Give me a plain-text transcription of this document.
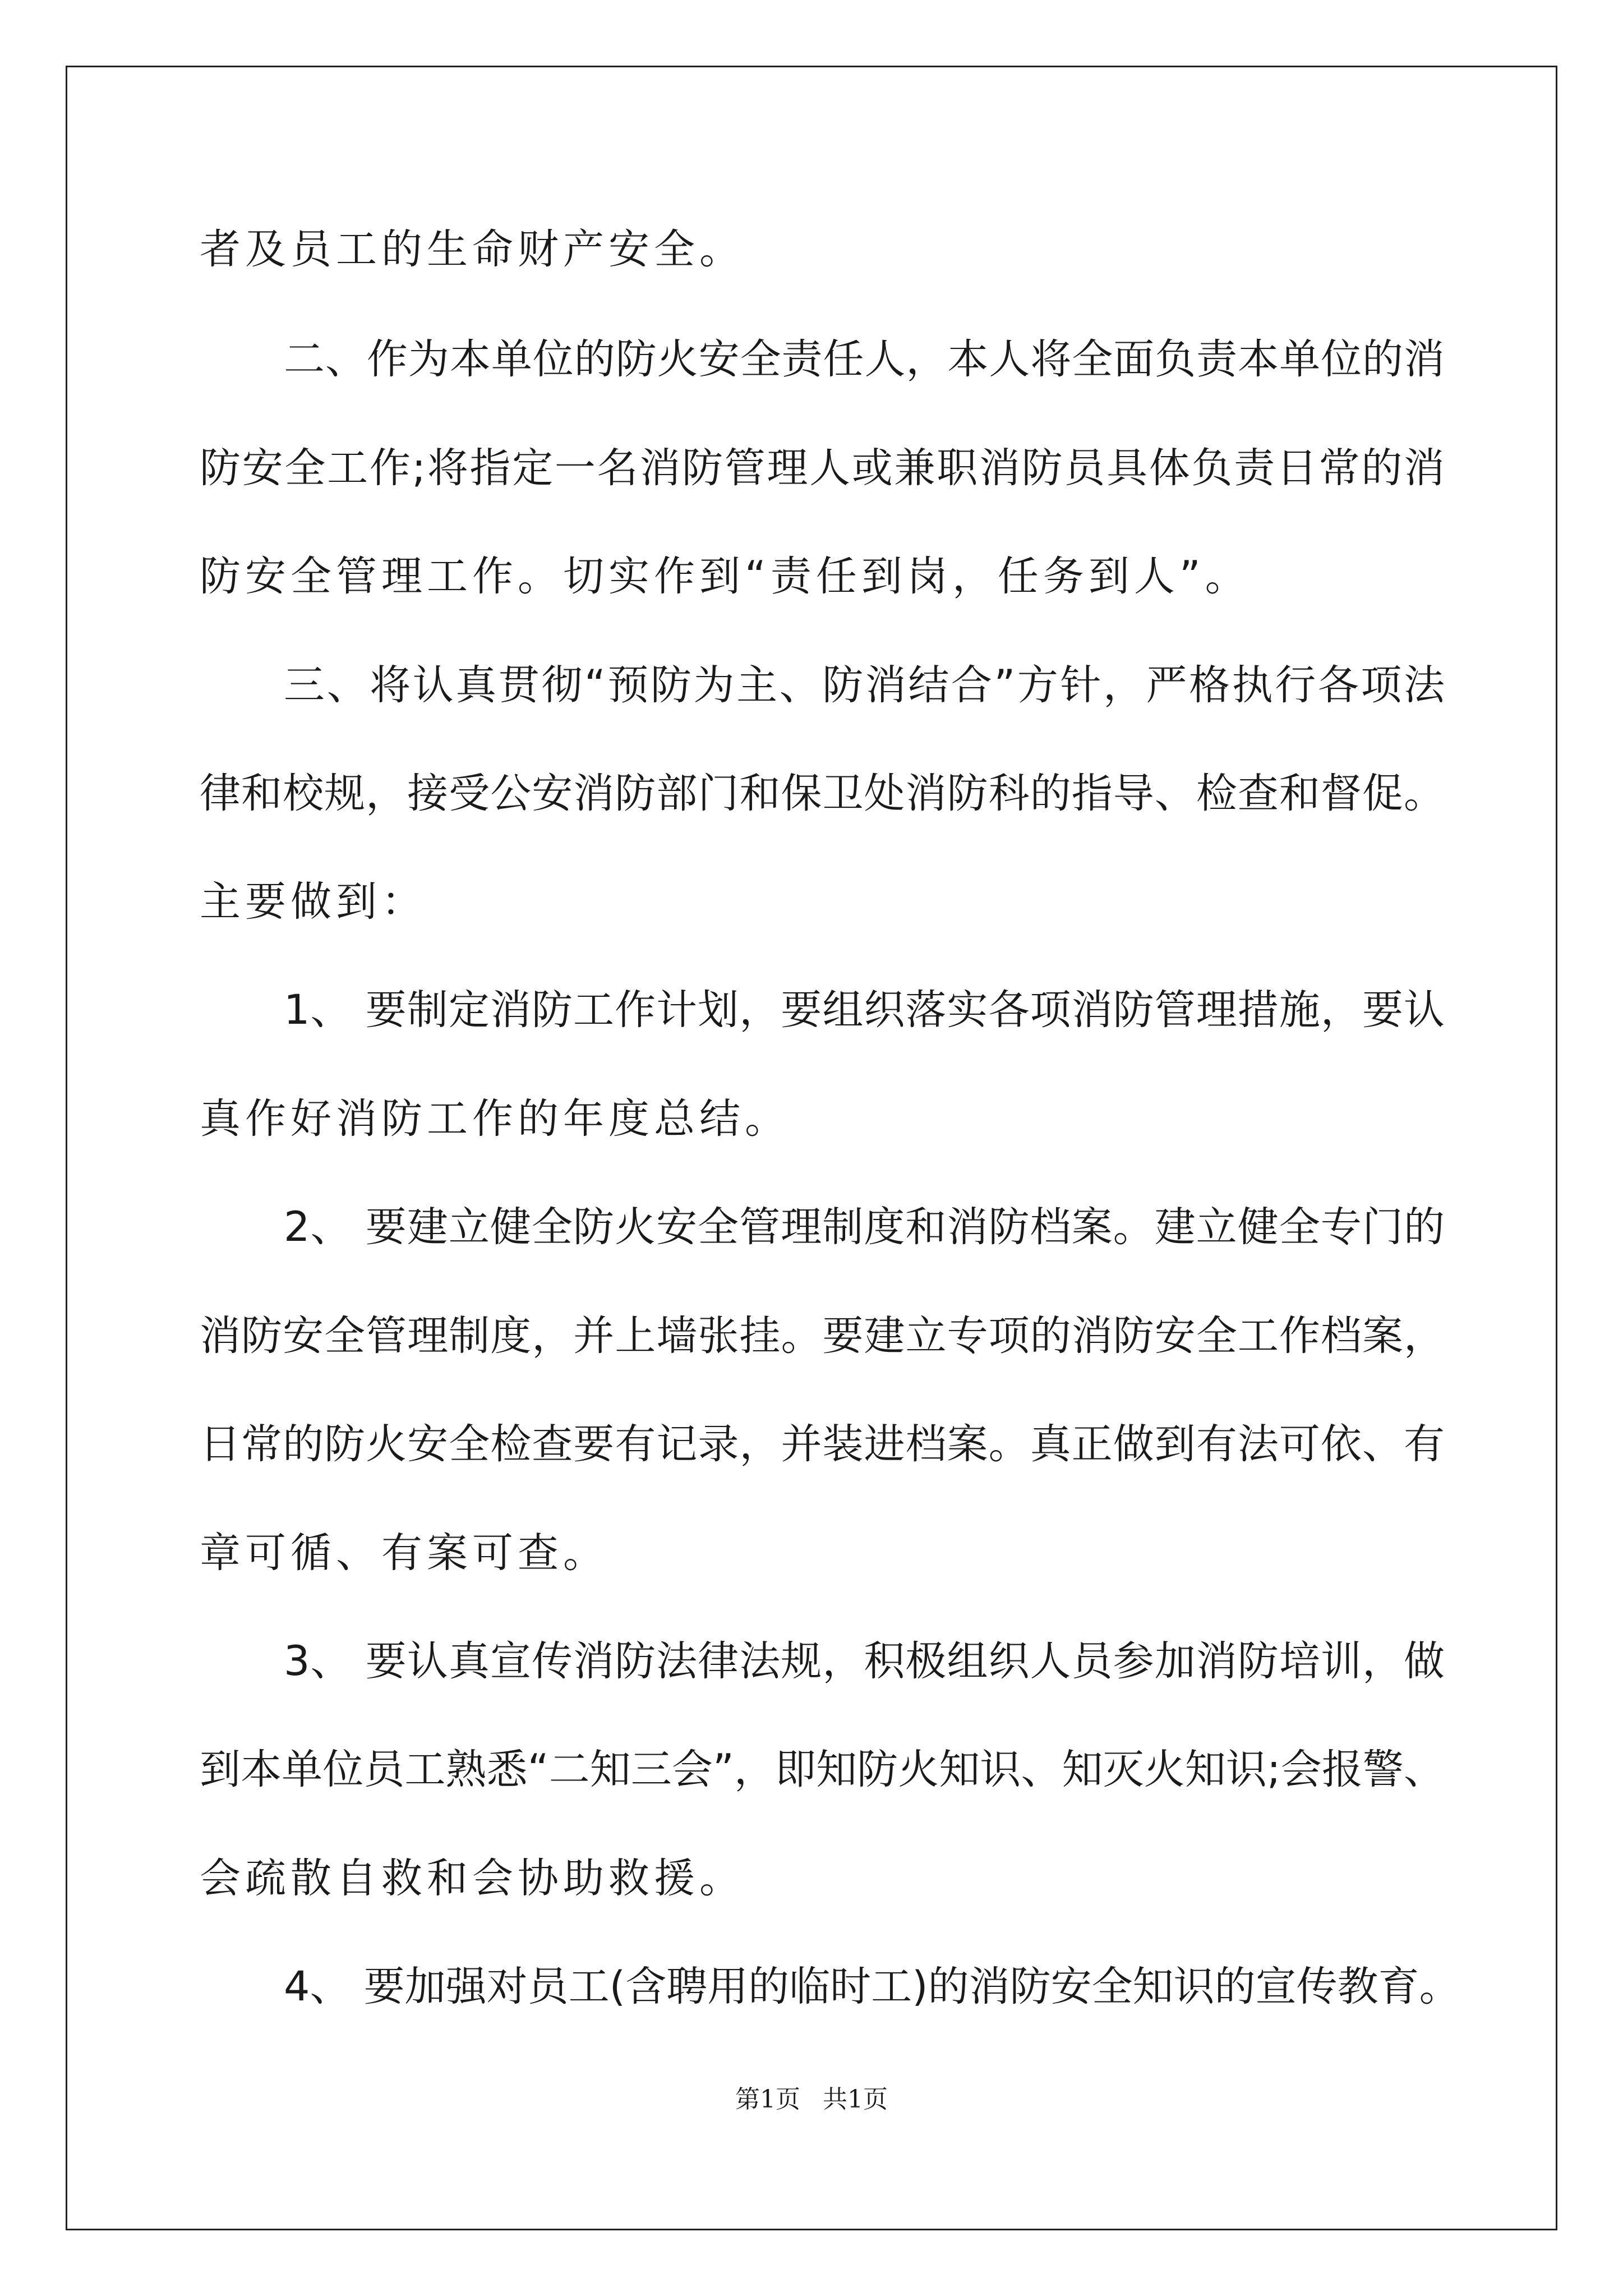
者及员工的生命财产安全。
二、作为本单位的防火安全责任人，本人将全面负责本单位的消
防安全工作;将指定一名消防管理人或兼职消防员具体负责日常的消
防安全管理工作。切实作到“责任到岗，任务到人”。
三、将认真贯彻“预防为主、防消结合”方针，严格执行各项法
律和校规，接受公安消防部门和保卫处消防科的指导、检查和督促。
主要做到：
1、 要制定消防工作计划，要组织落实各项消防管理措施，要认
真作好消防工作的年度总结。
2、 要建立健全防火安全管理制度和消防档案。建立健全专门的
消防安全管理制度，并上墙张挂。要建立专项的消防安全工作档案，
日常的防火安全检查要有记录，并装进档案。真正做到有法可依、有
章可循、有案可查。
3、 要认真宣传消防法律法规，积极组织人员参加消防培训，做
到本单位员工熟悉“二知三会”，即知防火知识、知灭火知识;会报警、
会疏散自救和会协助救援。
4、 要加强对员工(含聘用的临时工)的消防安全知识的宣传教育。
第1页 共1页
